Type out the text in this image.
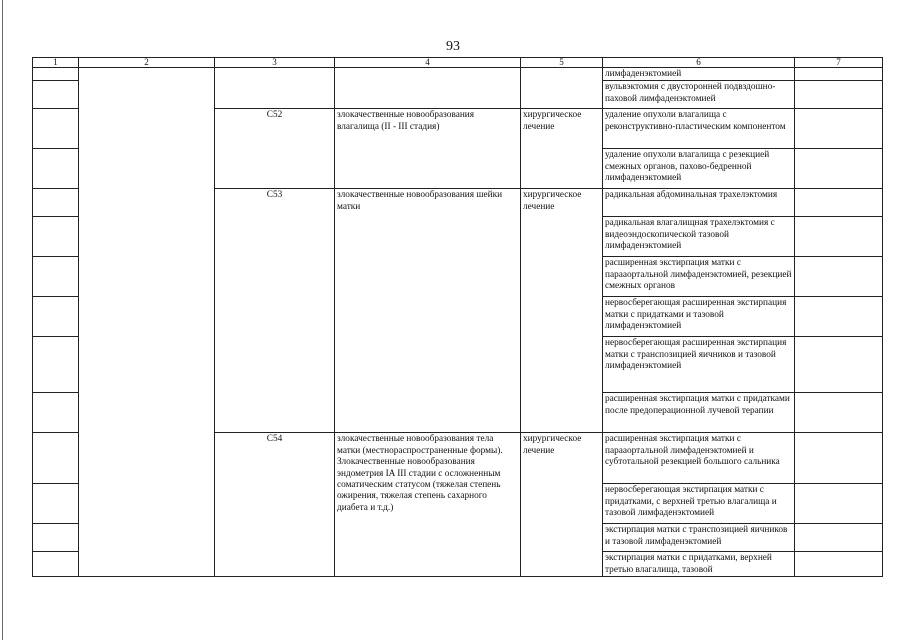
93
1	2	3	4	5	6	7
					лимфаденэктомией	
					вульвэктомия с двусторонней подвздошно-паховой лимфаденэктомией	
		C52	злокачественные новообразования влагалища (II - III стадия)	хирургическое лечение	удаление опухоли влагалища с реконструктивно-пластическим компонентом	
					удаление опухоли влагалища с резекцией смежных органов, пахово-бедренной лимфаденэктомией	
		C53	злокачественные новообразования шейки матки	хирургическое лечение	радикальная абдоминальная трахелэктомия	
					радикальная влагалищная трахелэктомия с видеоэндоскопической тазовой лимфаденэктомией	
					расширенная экстирпация матки с парааортальной лимфаденэктомией, резекцией смежных органов	
					нервосберегающая расширенная экстирпация матки с придатками и тазовой лимфаденэктомией	
					нервосберегающая расширенная экстирпация матки с транспозицией яичников и тазовой лимфаденэктомией	
					расширенная экстирпация матки с придатками после предоперационной лучевой терапии	
		C54	злокачественные новообразования тела матки (местнораспространенные формы). Злокачественные новообразования эндометрия IA III стадии с осложненным соматическим статусом (тяжелая степень ожирения, тяжелая степень сахарного диабета и т.д.)	хирургическое лечение	расширенная экстирпация матки с парааортальной лимфаденэктомией и субтотальной резекцией большого сальника	
					нервосберегающая экстирпация матки с придатками, с верхней третью влагалища и тазовой лимфаденэктомией	
					экстирпация матки с транспозицией яичников и тазовой лимфаденэктомией	
					экстирпация матки с придатками, верхней третью влагалища, тазовой	
